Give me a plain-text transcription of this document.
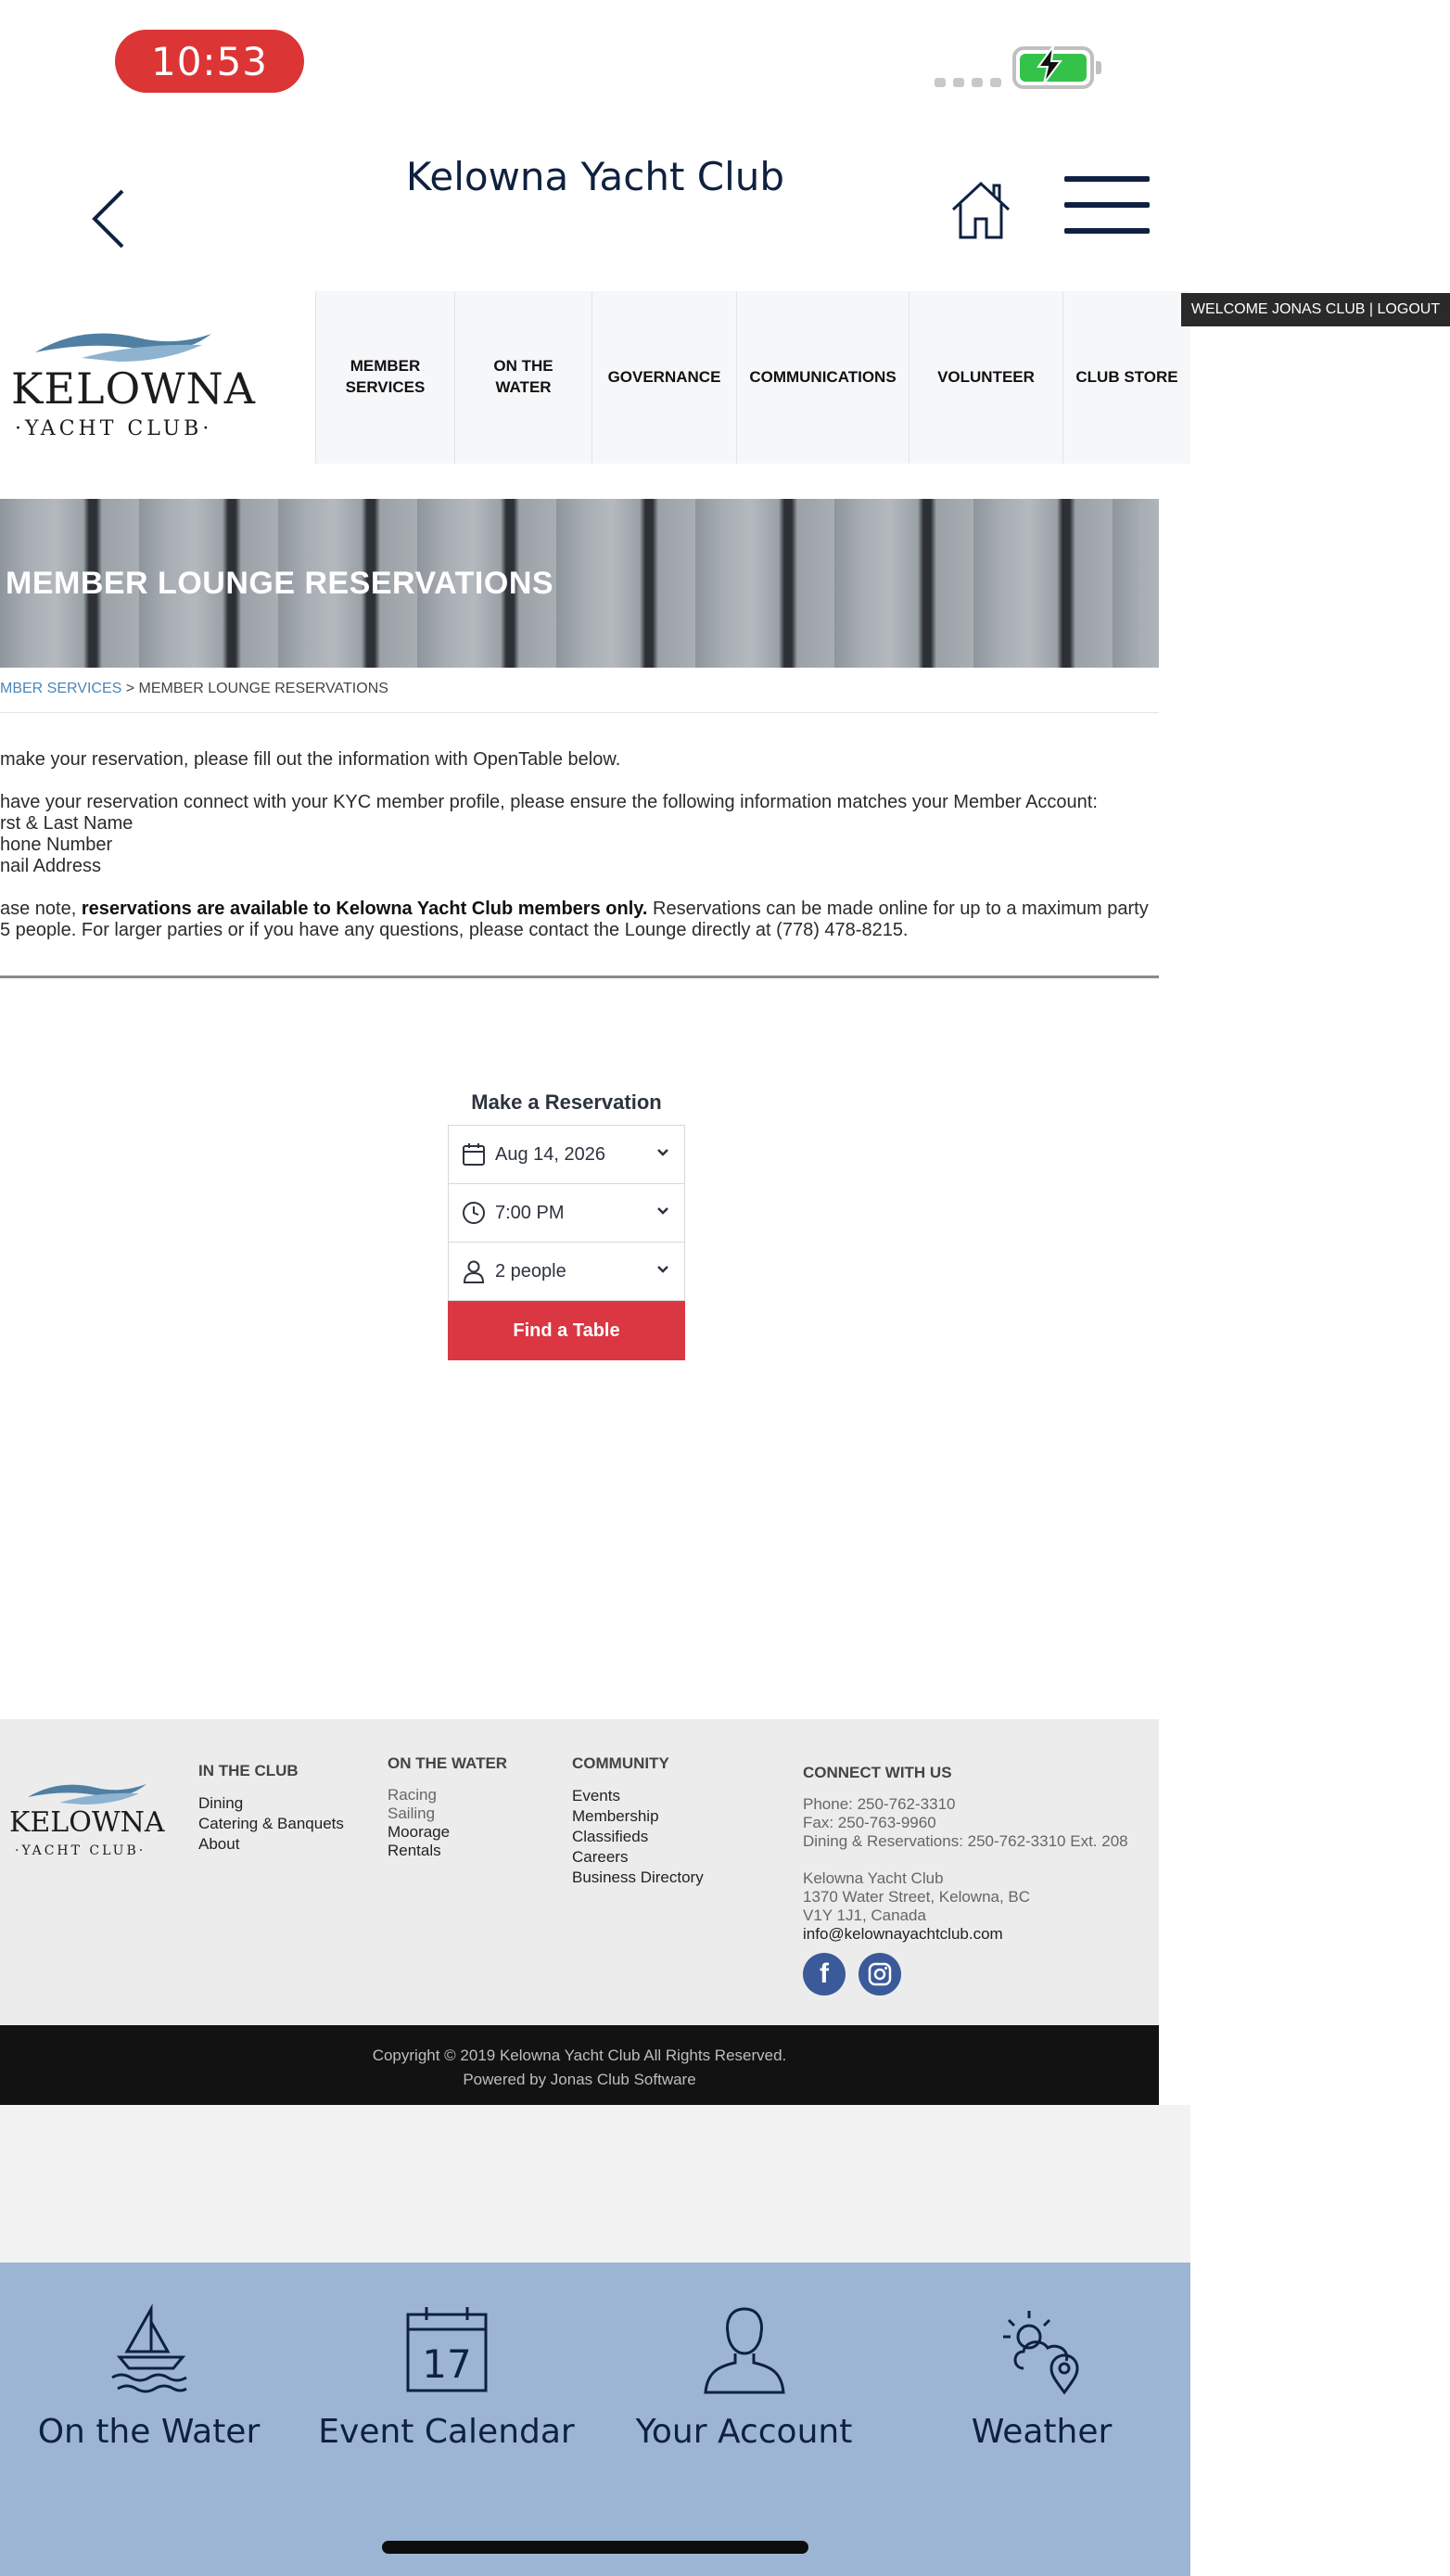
10:53
Kelowna Yacht Club
KELOWNA
·YACHT CLUB·
MEMBER SERVICES
ON THE WATER
GOVERNANCE COMMUNICATIONS	VOLUNTEER	CLUB STORE
WELCOME JONAS CLUB | LOGOUT
MEMBER LOUNGE RESERVATIONS
MBER SERVICES > MEMBER LOUNGE RESERVATIONS

make your reservation, please fill out the information with OpenTable below.

have your reservation connect with your KYC member profile, please ensure the following information matches your Member Account:

rst & Last Name

hone Number

nail Address

ase note, reservations are available to Kelowna Yacht Club members only. Reservations can be made online for up to a maximum party

5 people. For larger parties or if you have any questions, please contact the Lounge directly at (778) 478-8215.

Make a Reservation
Aug 14, 2026
7:00 PM
2 people
Find a Table
KELOWNA
·YACHT CLUB·
IN THE CLUB
Dining
Catering & Banquets
About
ON THE WATER
Racing
Sailing
Moorage
Rentals
COMMUNITY
Events
Membership
Classifieds
Careers
Business Directory
CONNECT WITH US
Phone: 250-762-3310
Fax: 250-763-9960
Dining & Reservations: 250-762-3310 Ext. 208
Kelowna Yacht Club
1370 Water Street, Kelowna, BC
V1Y 1J1, Canada
info@kelownayachtclub.com
f
Copyright © 2019 Kelowna Yacht Club All Rights Reserved.
Powered by Jonas Club Software
On the Water
17
Event Calendar	Your Account	Weather
